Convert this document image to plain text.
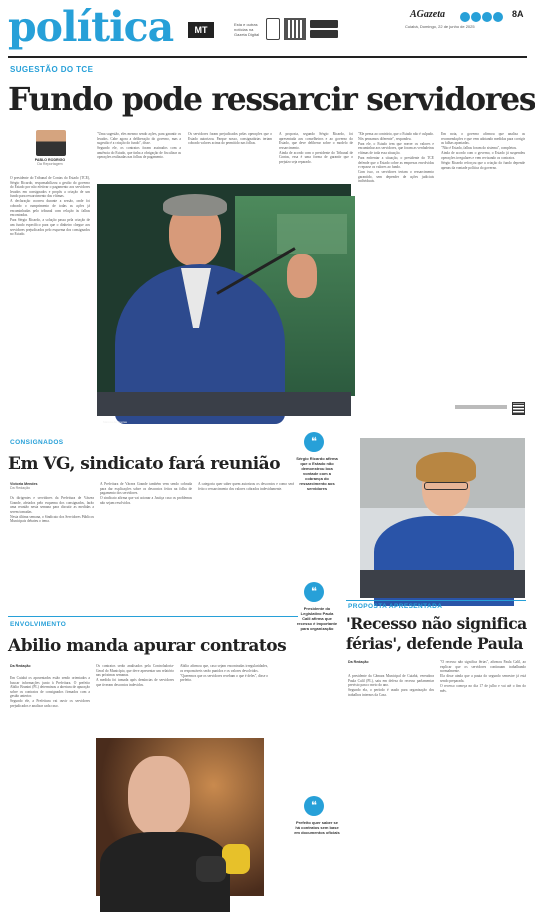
política	MT
Esta e outras notícias na Gazeta Digital
AGazeta	8A
Cuiabá, Domingo, 22 de junho de 2025
SUGESTÃO DO TCE
Fundo pode ressarcir servidores
PABLO RODRIGO
Da Reportagem

O presidente do Tribunal de Contas do Estado (TCE), Sérgio Ricardo, responsabilizou a gestão do governo do Estado por não efetivar o pagamento aos servidores lesados em consignados e propôs a criação de um fundo para ressarcimento das vítimas.

A declaração ocorreu durante a sessão, onde foi cobrado o cumprimento de todas as ações já encaminhadas pelo tribunal com relação às falhas encontradas.

Para Sérgio Ricardo, a solução passa pela criação de um fundo específico para que o dinheiro chegue aos servidores prejudicados pelo esquema dos consignados no Estado.

"Uma sugestão, eles mesmo sendo ações, para garantir os lesados. Cabe agora a deliberação do governo, mas a sugestão é a criação do fundo", disse.

Segundo ele, os contratos foram assinados com a anuência do Estado, que tinha a obrigação de fiscalizar as operações realizadas nas folhas de pagamento.

Os servidores foram prejudicados pelas operações que o Estado autorizou. Parque nosso, consignatárias teriam cobrado valores acima do permitido nas folhas.

A proposta, segundo Sérgio Ricardo, foi apresentada aos conselheiros e ao governo do Estado, que deve deliberar sobre o modelo de ressarcimento.

Ainda de acordo com o presidente do Tribunal de Contas, essa é uma forma de garantir que o prejuízo seja reparado.

"Ele pensa ao contrário, que o Estado não é culpado. Nós pensamos diferente", respondeu.

Para ele, o Estado tem que reaver os valores e encaminhar aos servidores, que foram as verdadeiras vítimas de toda essa situação.

Para enfrentar a situação, o presidente do TCE defende que o Estado cobre as empresas envolvidas e repasse os valores ao fundo.

Com isso, os servidores teriam o ressarcimento garantido, sem depender de ações judiciais individuais.

Em nota, o governo afirmou que analisa as recomendações e que vem adotando medidas para corrigir as falhas apontadas.

"Não é Estado, falhas foram do sistema", completou.

Ainda de acordo com o governo, o Estado já suspendeu operações irregulares e vem revisando os contratos.

Sérgio Ricardo reforçou que a criação do fundo depende apenas da vontade política do governo.

Marcos de Freitas
CONSIGNADOS
Em VG, sindicato fará reunião
Victoria Mendes
Da Redação

Os dirigentes e servidores da Prefeitura de Várzea Grande, afetados pelo esquema dos consignados, farão uma reunião nesta semana para discutir as medidas a serem tomadas.

Nesta última semana, o Sindicato dos Servidores Públicos Municipais debateu o tema.

A Prefeitura de Várzea Grande também vem sendo cobrada para dar explicações sobre os descontos feitos na folha de pagamento dos servidores.

O sindicato afirma que vai acionar a Justiça caso os problemas não sejam resolvidos.

A categoria quer saber quem autorizou os descontos e como será feito o ressarcimento dos valores cobrados indevidamente.

❝
Sérgio Ricardo afirma que o Estado não demonstrou boa vontade com a cobrança do ressarcimento aos servidores
❝
Presidente do Legislativo Paula Calil afirma que recesso é importante para organização
ENVOLVIMENTO
Abilio manda apurar contratos
Da Redação

Em Cuiabá os aposentados estão sendo orientados a buscar informações junto à Prefeitura. O prefeito Abilio Brunini (PL) determinou a abertura de apuração sobre os contratos de consignados firmados com a gestão anterior.

Segundo ele, a Prefeitura vai ouvir os servidores prejudicados e analisar cada caso.

Os contratos serão analisados pela Controladoria-Geral do Município, que deve apresentar um relatório nas próximas semanas.

A medida foi tomada após denúncias de servidores que tiveram descontos indevidos.

Abilio afirmou que, caso sejam encontradas irregularidades, os responsáveis serão punidos e os valores devolvidos.

"Queremos que os servidores recebam o que é deles", disse o prefeito.

❝
Prefeito quer saber se há contratos sem base em documentos oficiais
PROPOSTA APRESENTADA
'Recesso não significa férias', defende Paula
Da Redação

A presidente da Câmara Municipal de Cuiabá, vereadora Paula Calil (PL), saiu em defesa do recesso parlamentar previsto para o meio do ano.

Segundo ela, o período é usado para organização dos trabalhos internos da Casa.

"O recesso não significa férias", afirmou Paula Calil, ao explicar que os servidores continuam trabalhando normalmente.

Ela disse ainda que a pauta do segundo semestre já está sendo preparada.

O recesso começa no dia 17 de julho e vai até o fim do mês.
